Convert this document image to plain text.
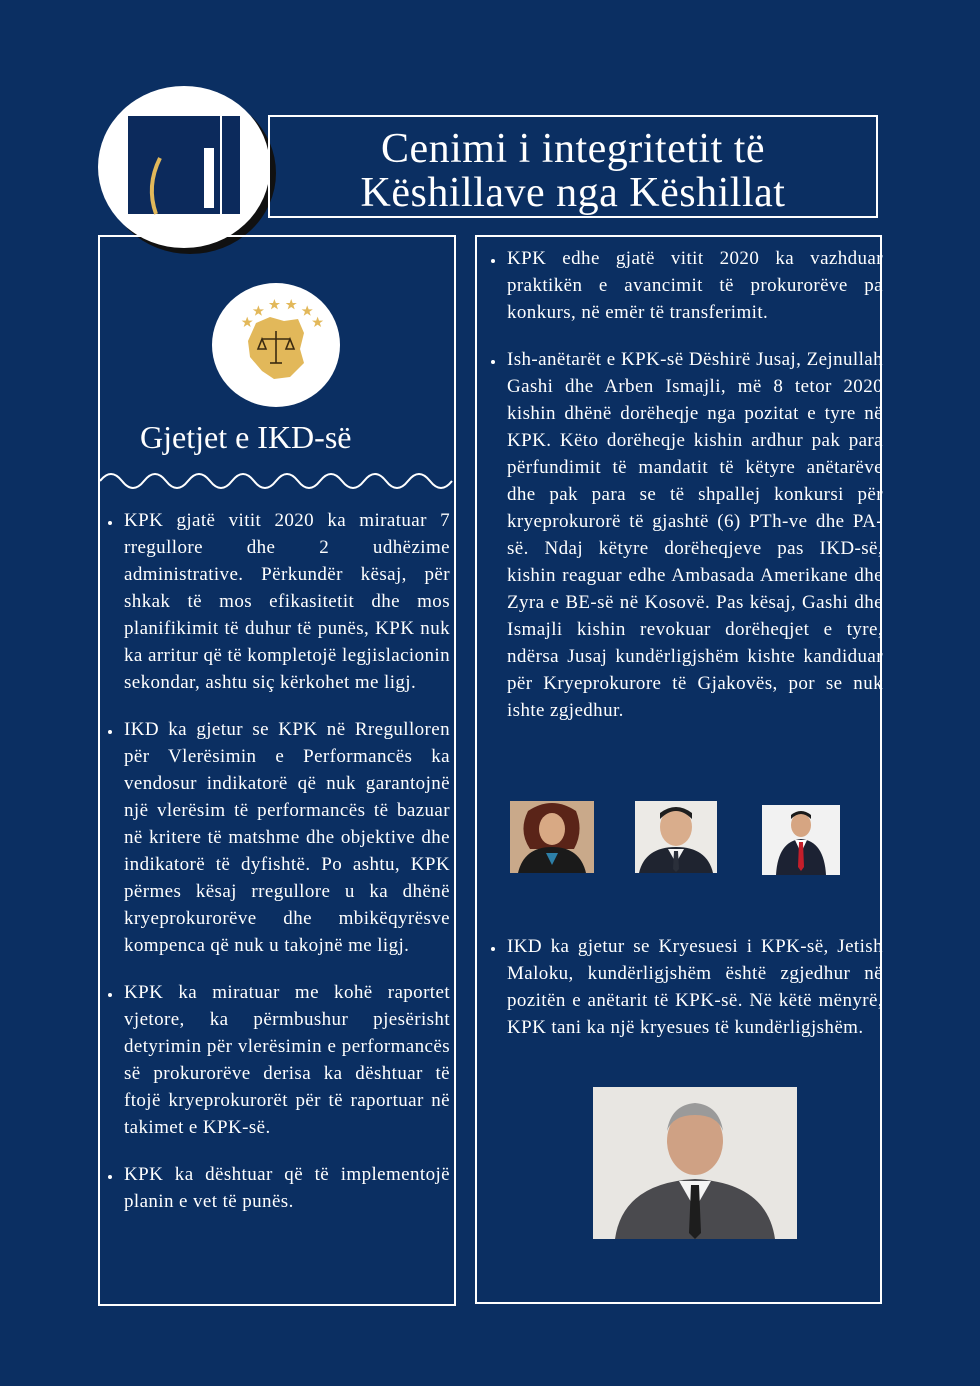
Cenimi i integritetit të
Këshillave nga Këshillat
Gjetjet e IKD-së
• KPK gjatë vitit 2020 ka miratuar 7 rregullore dhe 2 udhëzime administrative. Përkundër kësaj, për shkak të mos efikasitetit dhe mos planifikimit të duhur të punës, KPK nuk ka arritur që të kompletojë legjislacionin sekondar, ashtu siç kërkohet me ligj.
• IKD ka gjetur se KPK në Rregulloren për Vlerësimin e Performancës ka vendosur indikatorë që nuk garantojnë një vlerësim të performancës të bazuar në kritere të matshme dhe objektive dhe indikatorë të dyfishtë. Po ashtu, KPK përmes kësaj rregullore u ka dhënë kryeprokurorëve dhe mbikëqyrësve kompenca që nuk u takojnë me ligj.
• KPK ka miratuar me kohë raportet vjetore, ka përmbushur pjesërisht detyrimin për vlerësimin e performancës së prokurorëve derisa ka dështuar të ftojë kryeprokurorët për të raportuar në takimet e KPK-së.
• KPK ka dështuar që të implementojë planin e vet të punës.
• KPK edhe gjatë vitit 2020 ka vazhduar praktikën e avancimit të prokurorëve pa konkurs, në emër të transferimit.
• Ish-anëtarët e KPK-së Dëshirë Jusaj, Zejnullah Gashi dhe Arben Ismajli, më 8 tetor 2020 kishin dhënë dorëheqje nga pozitat e tyre në KPK. Këto dorëheqje kishin ardhur pak para përfundimit të mandatit të këtyre anëtarëve dhe pak para se të shpallej konkursi për kryeprokurorë të gjashtë (6) PTh-ve dhe PA-së. Ndaj këtyre dorëheqjeve pas IKD-së, kishin reaguar edhe Ambasada Amerikane dhe Zyra e BE-së në Kosovë. Pas kësaj, Gashi dhe Ismajli kishin revokuar dorëheqjet e tyre, ndërsa Jusaj kundërligjshëm kishte kandiduar për Kryeprokurore të Gjakovës, por se nuk ishte zgjedhur.
• IKD ka gjetur se Kryesuesi i KPK-së, Jetish Maloku, kundërligjshëm është zgjedhur në pozitën e anëtarit të KPK-së. Në këtë mënyrë, KPK tani ka një kryesues të kundërligjshëm.
